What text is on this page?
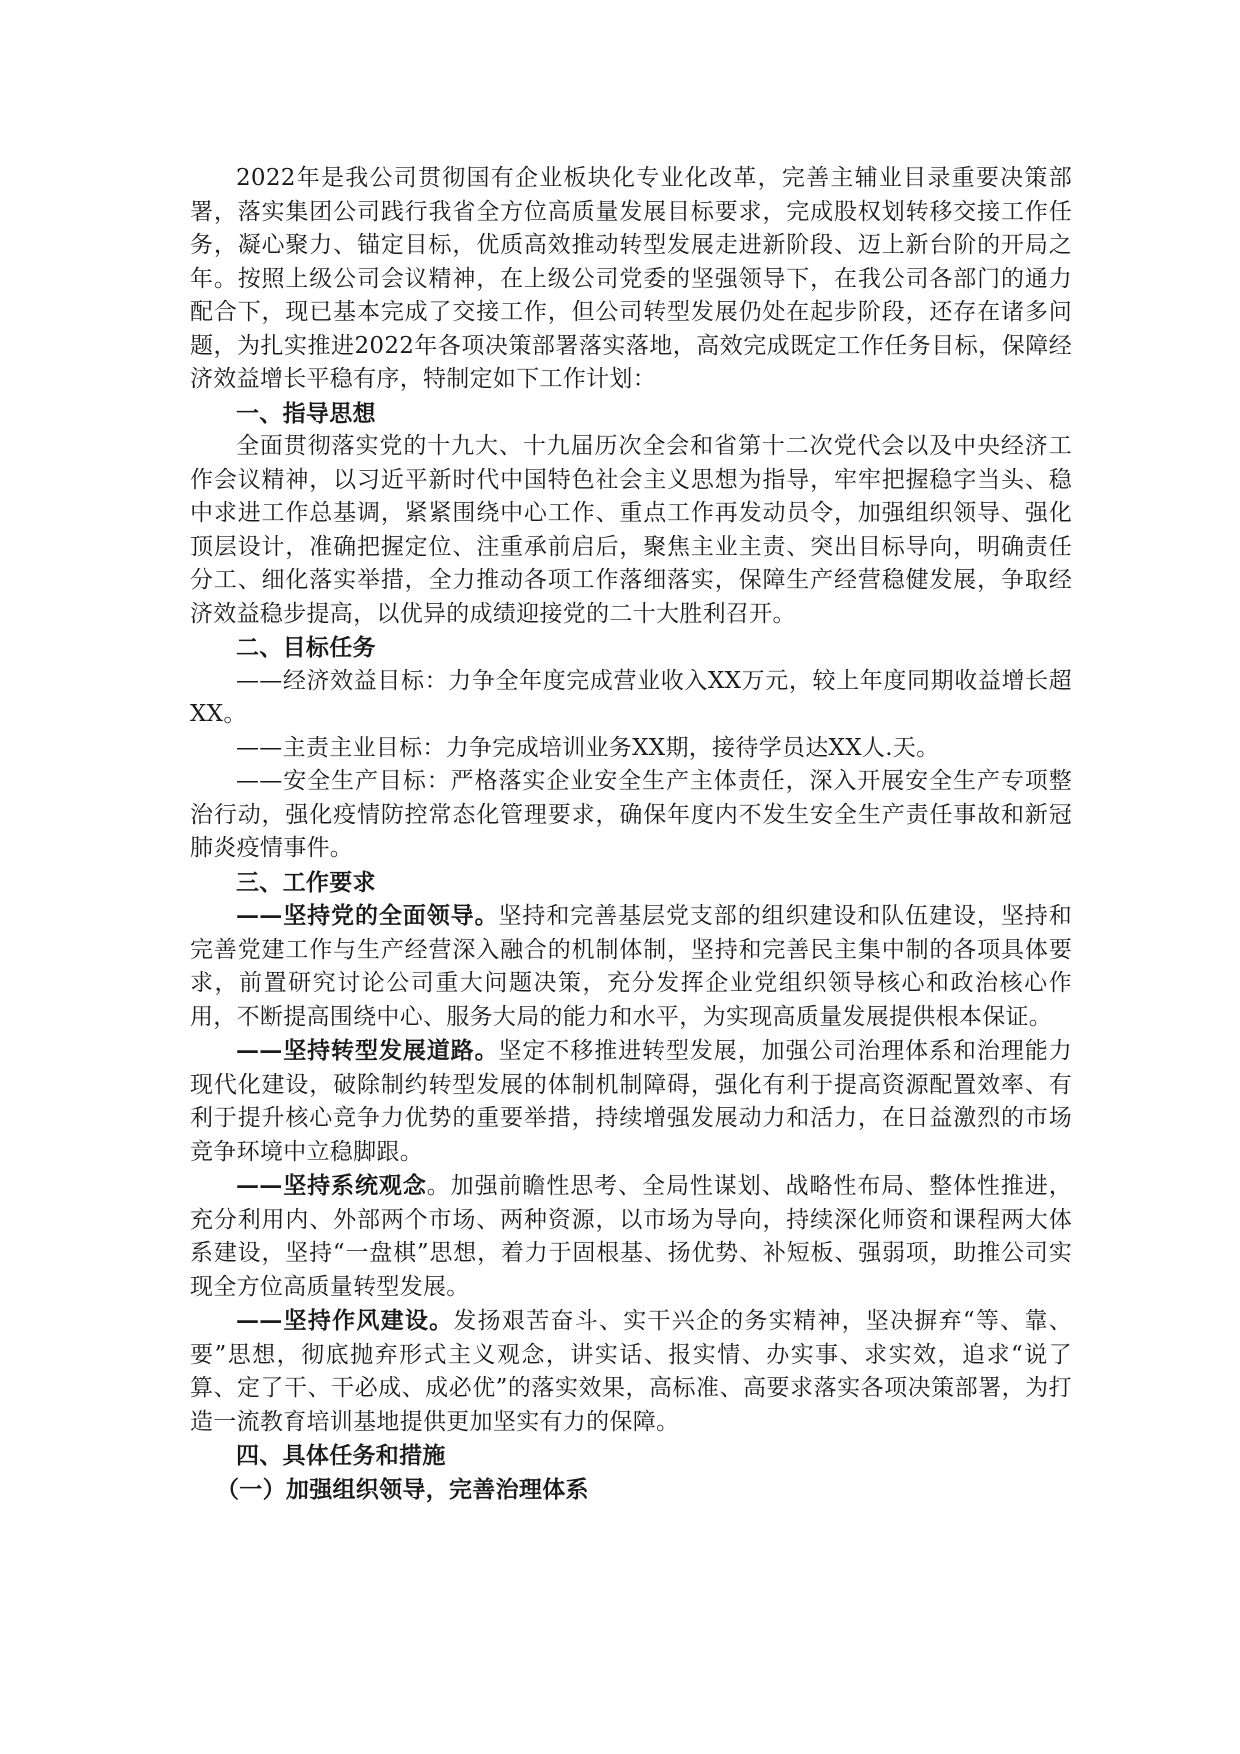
2022年是我公司贯彻国有企业板块化专业化改革，完善主辅业目录重要决策部署，落实集团公司践行我省全方位高质量发展目标要求，完成股权划转移交接工作任务，凝心聚力、锚定目标，优质高效推动转型发展走进新阶段、迈上新台阶的开局之年。按照上级公司会议精神，在上级公司党委的坚强领导下，在我公司各部门的通力配合下，现已基本完成了交接工作，但公司转型发展仍处在起步阶段，还存在诸多问题，为扎实推进2022年各项决策部署落实落地，高效完成既定工作任务目标，保障经济效益增长平稳有序，特制定如下工作计划：

一、指导思想

全面贯彻落实党的十九大、十九届历次全会和省第十二次党代会以及中央经济工作会议精神，以习近平新时代中国特色社会主义思想为指导，牢牢把握稳字当头、稳中求进工作总基调，紧紧围绕中心工作、重点工作再发动员令，加强组织领导、强化顶层设计，准确把握定位、注重承前启后，聚焦主业主责、突出目标导向，明确责任分工、细化落实举措，全力推动各项工作落细落实，保障生产经营稳健发展，争取经济效益稳步提高，以优异的成绩迎接党的二十大胜利召开。

二、目标任务

——经济效益目标：力争全年度完成营业收入XX万元，较上年度同期收益增长超XX。

——主责主业目标：力争完成培训业务XX期，接待学员达XX人.天。

——安全生产目标：严格落实企业安全生产主体责任，深入开展安全生产专项整治行动，强化疫情防控常态化管理要求，确保年度内不发生安全生产责任事故和新冠肺炎疫情事件。

三、工作要求

——坚持党的全面领导。坚持和完善基层党支部的组织建设和队伍建设，坚持和完善党建工作与生产经营深入融合的机制体制，坚持和完善民主集中制的各项具体要求，前置研究讨论公司重大问题决策，充分发挥企业党组织领导核心和政治核心作用，不断提高围绕中心、服务大局的能力和水平，为实现高质量发展提供根本保证。

——坚持转型发展道路。坚定不移推进转型发展，加强公司治理体系和治理能力现代化建设，破除制约转型发展的体制机制障碍，强化有利于提高资源配置效率、有利于提升核心竞争力优势的重要举措，持续增强发展动力和活力，在日益激烈的市场竞争环境中立稳脚跟。

——坚持系统观念。加强前瞻性思考、全局性谋划、战略性布局、整体性推进，充分利用内、外部两个市场、两种资源，以市场为导向，持续深化师资和课程两大体系建设，坚持“一盘棋”思想，着力于固根基、扬优势、补短板、强弱项，助推公司实现全方位高质量转型发展。

——坚持作风建设。发扬艰苦奋斗、实干兴企的务实精神，坚决摒弃“等、靠、要”思想，彻底抛弃形式主义观念，讲实话、报实情、办实事、求实效，追求“说了算、定了干、干必成、成必优”的落实效果，高标准、高要求落实各项决策部署，为打造一流教育培训基地提供更加坚实有力的保障。

四、具体任务和措施

（一）加强组织领导，完善治理体系
